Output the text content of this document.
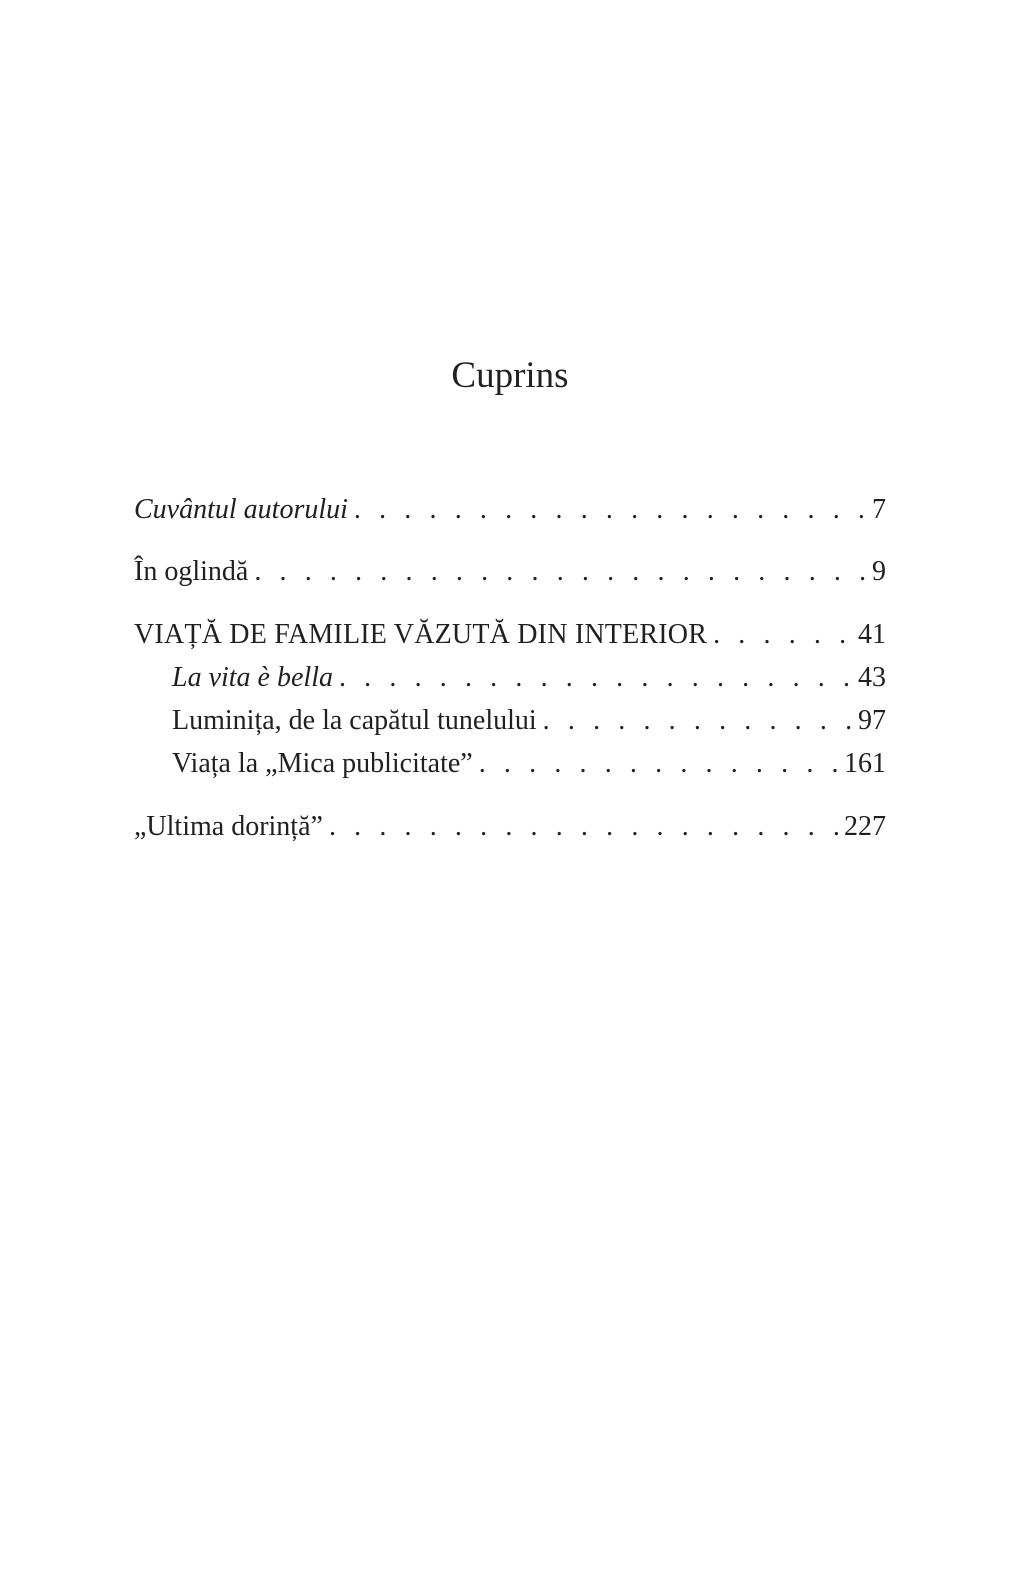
Cuprins
Cuvântul autorului . . .	7
În oglindă . . .	9
VIAȚĂ DE FAMILIE VĂZUTĂ DIN INTERIOR . . .	41
La vita è bella . . .	43
Luminița, de la capătul tunelului . . .	97
Viața la „Mica publicitate” . . .	161
„Ultima dorință” . . .	227
